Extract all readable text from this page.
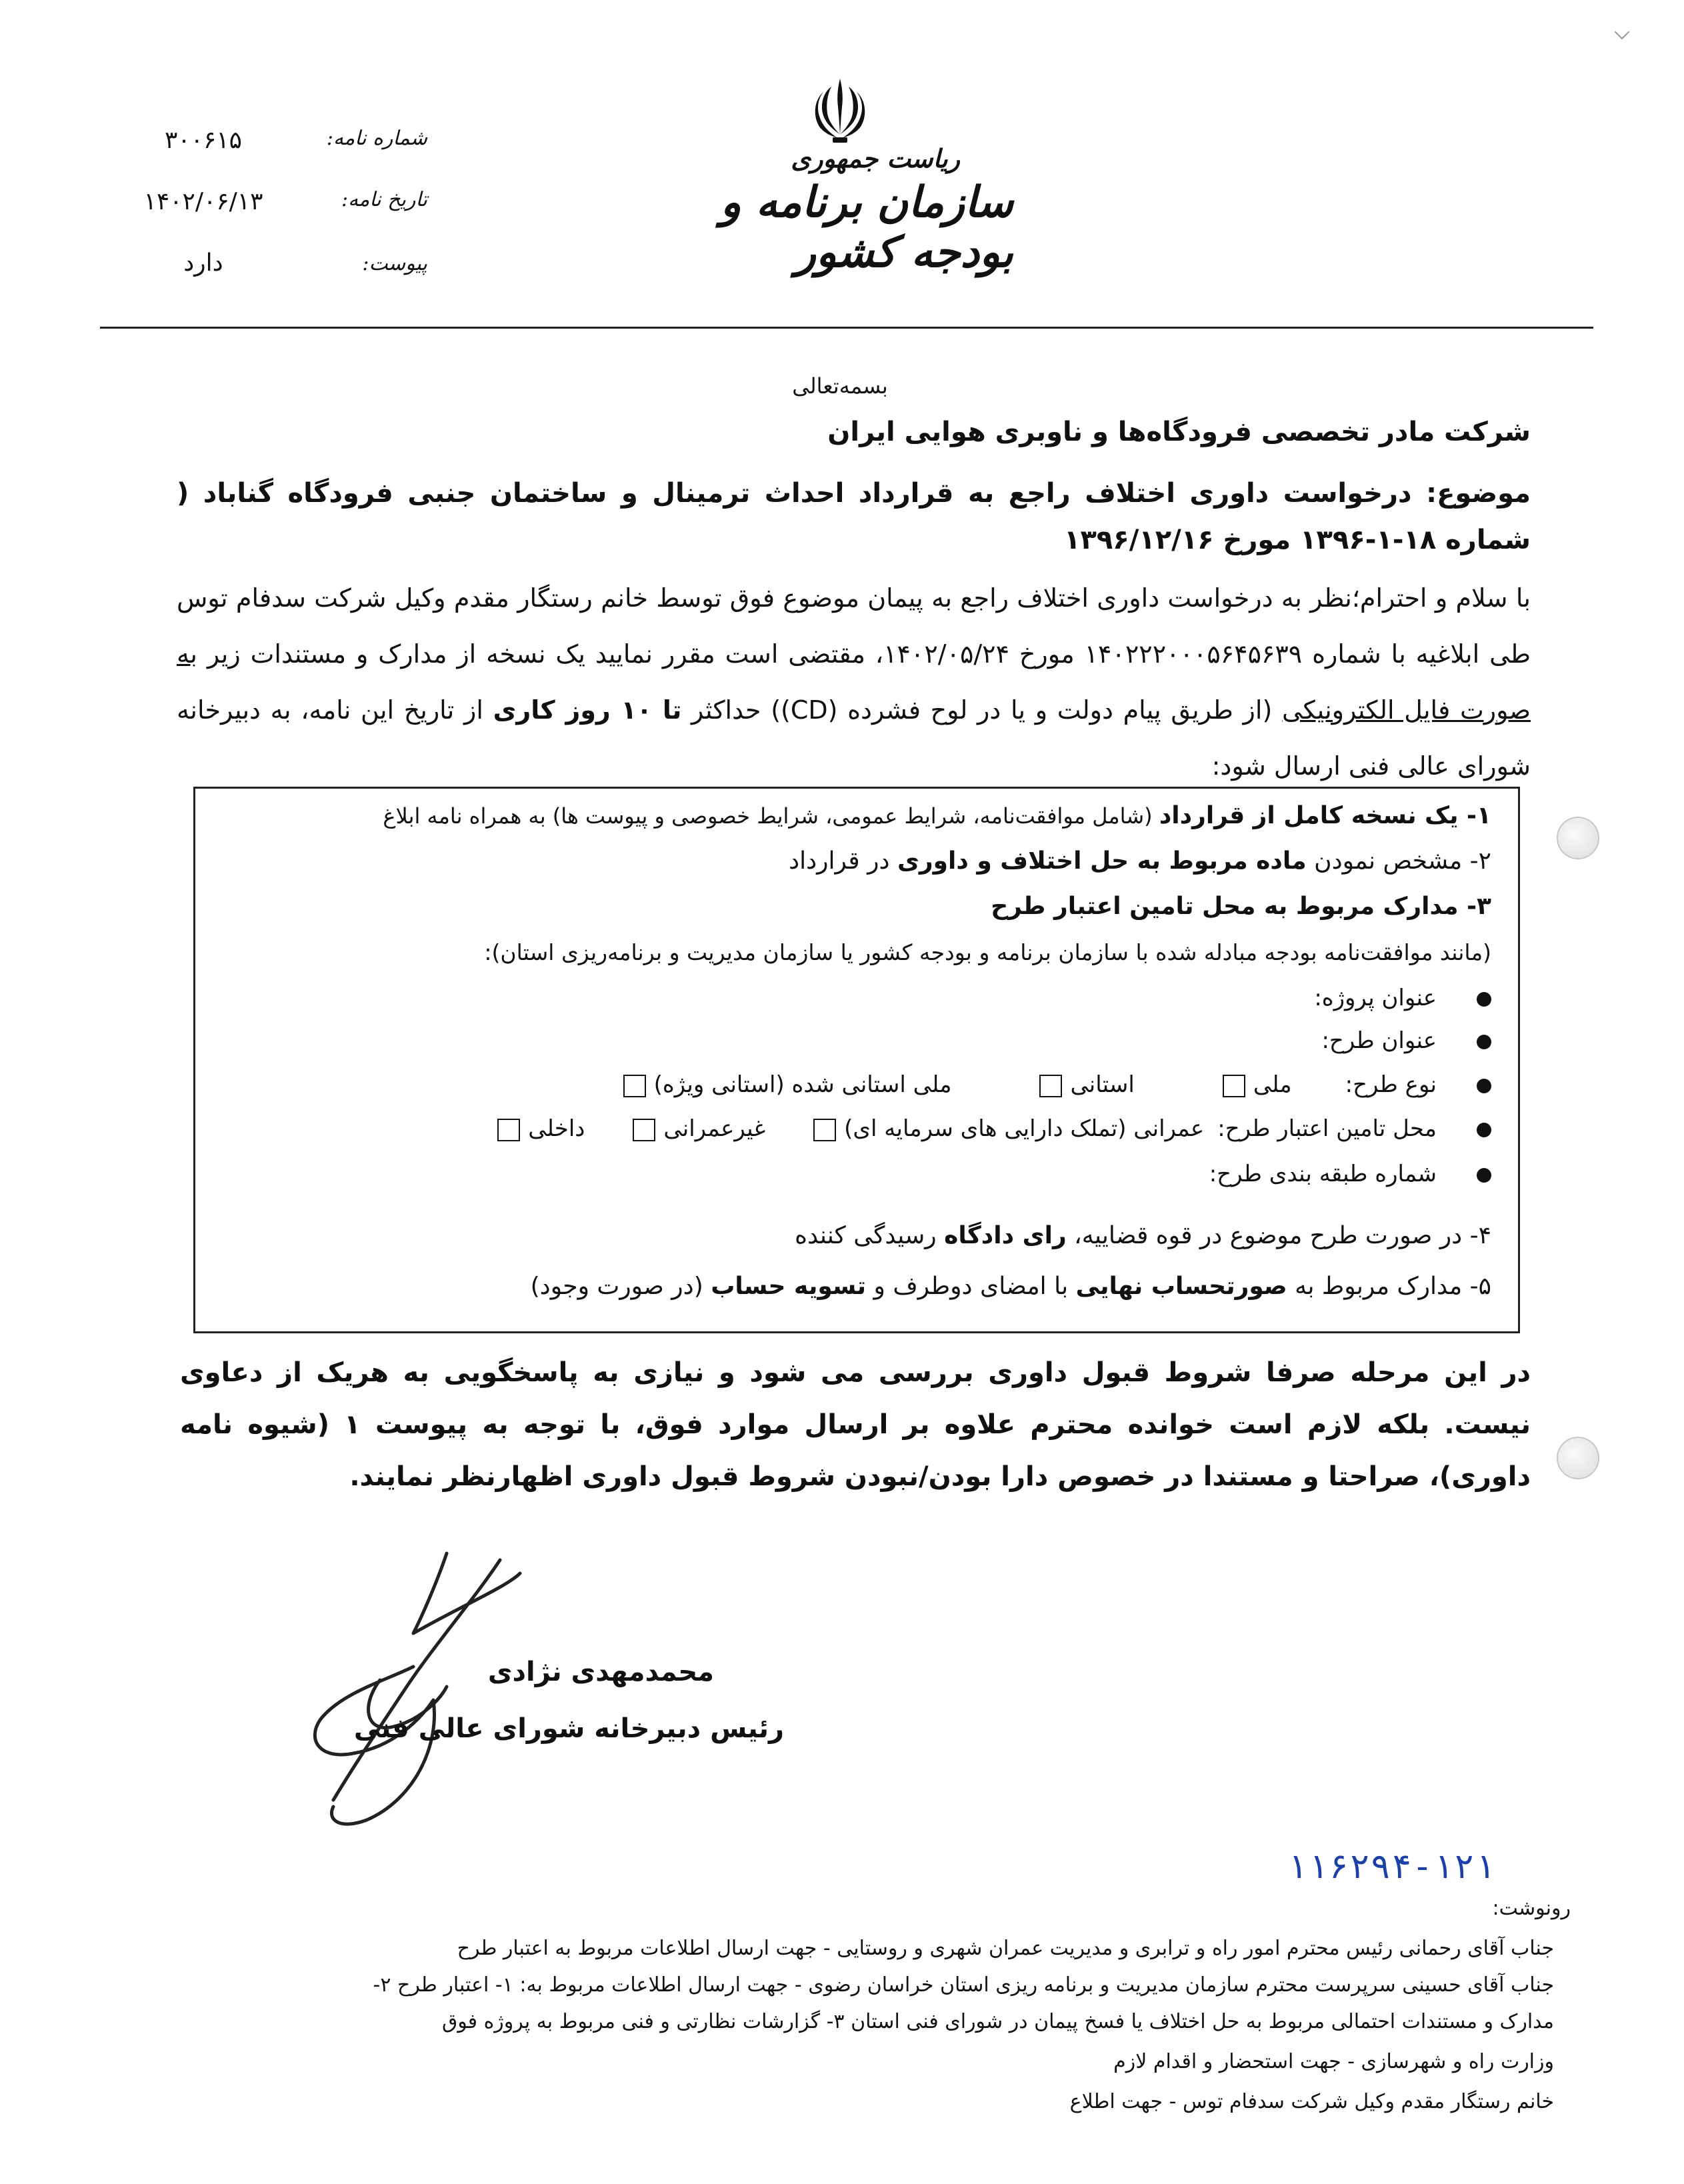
ریاست جمهوری
سازمان برنامه و بودجه کشور
شماره نامه:
۳۰۰۶۱۵
تاریخ نامه:
۱۴۰۲/۰۶/۱۳
پیوست:
دارد
بسمه‌تعالی
شرکت مادر تخصصی فرودگاه‌ها و ناوبری هوایی ایران
موضوع: درخواست داوری اختلاف راجع به قرارداد احداث ترمینال و ساختمان جنبی فرودگاه گناباد ( شماره ۱۸-۱-۱۳۹۶ مورخ ۱۳۹۶/۱۲/۱۶
با سلام و احترام؛نظر به درخواست داوری اختلاف راجع به پیمان موضوع فوق توسط خانم رستگار مقدم وکیل شرکت سدفام توس طی ابلاغیه با شماره ۱۴۰۲۲۲۰۰۰۵۶۴۵۶۳۹ مورخ ۱۴۰۲/۰۵/۲۴، مقتضی است مقرر نمایید یک نسخه از مدارک و مستندات زیر به صورت فایل الکترونیکی (از طریق پیام دولت و یا در لوح فشرده (CD)) حداکثر تا ۱۰ روز کاری از تاریخ این نامه، به دبیرخانه شورای عالی فنی ارسال شود:
۱- یک نسخه کامل از قرارداد (شامل موافقت‌نامه، شرایط عمومی، شرایط خصوصی و پیوست ها) به همراه نامه ابلاغ
۲- مشخص نمودن ماده مربوط به حل اختلاف و داوری در قرارداد
۳- مدارک مربوط به محل تامین اعتبار طرح
(مانند موافقت‌نامه بودجه مبادله شده با سازمان برنامه و بودجه کشور یا سازمان مدیریت و برنامه‌ریزی استان):
عنوان پروژه:
عنوان طرح:
نوع طرح:ملیاستانیملی استانی شده (استانی ویژه)
محل تامین اعتبار طرح:عمرانی (تملک دارایی های سرمایه ای)غیرعمرانیداخلی
شماره طبقه بندی طرح:
۴- در صورت طرح موضوع در قوه قضاییه، رای دادگاه رسیدگی کننده
۵- مدارک مربوط به صورتحساب نهایی با امضای دوطرف و تسویه حساب (در صورت وجود)
در این مرحله صرفا شروط قبول داوری بررسی می شود و نیازی به پاسخگویی به هریک از دعاوی نیست. بلکه لازم است خوانده محترم علاوه بر ارسال موارد فوق، با توجه به پیوست ۱ (شیوه نامه داوری)، صراحتا و مستندا در خصوص دارا بودن/نبودن شروط قبول داوری اظهارنظر نمایند.
محمدمهدی نژادی
رئیس دبیرخانه شورای عالی فنی
۱۱۶۲۹۴-۱۲۱
رونوشت:
جناب آقای رحمانی رئیس محترم امور راه و ترابری و مدیریت عمران شهری و روستایی - جهت ارسال اطلاعات مربوط به اعتبار طرح
جناب آقای حسینی سرپرست محترم سازمان مدیریت و برنامه ریزی استان خراسان رضوی - جهت ارسال اطلاعات مربوط به: ۱- اعتبار طرح ۲-
مدارک و مستندات احتمالی مربوط به حل اختلاف یا فسخ پیمان در شورای فنی استان ۳- گزارشات نظارتی و فنی مربوط به پروژه فوق
وزارت راه و شهرسازی - جهت استحضار و اقدام لازم
خانم رستگار مقدم وکیل شرکت سدفام توس - جهت اطلاع
